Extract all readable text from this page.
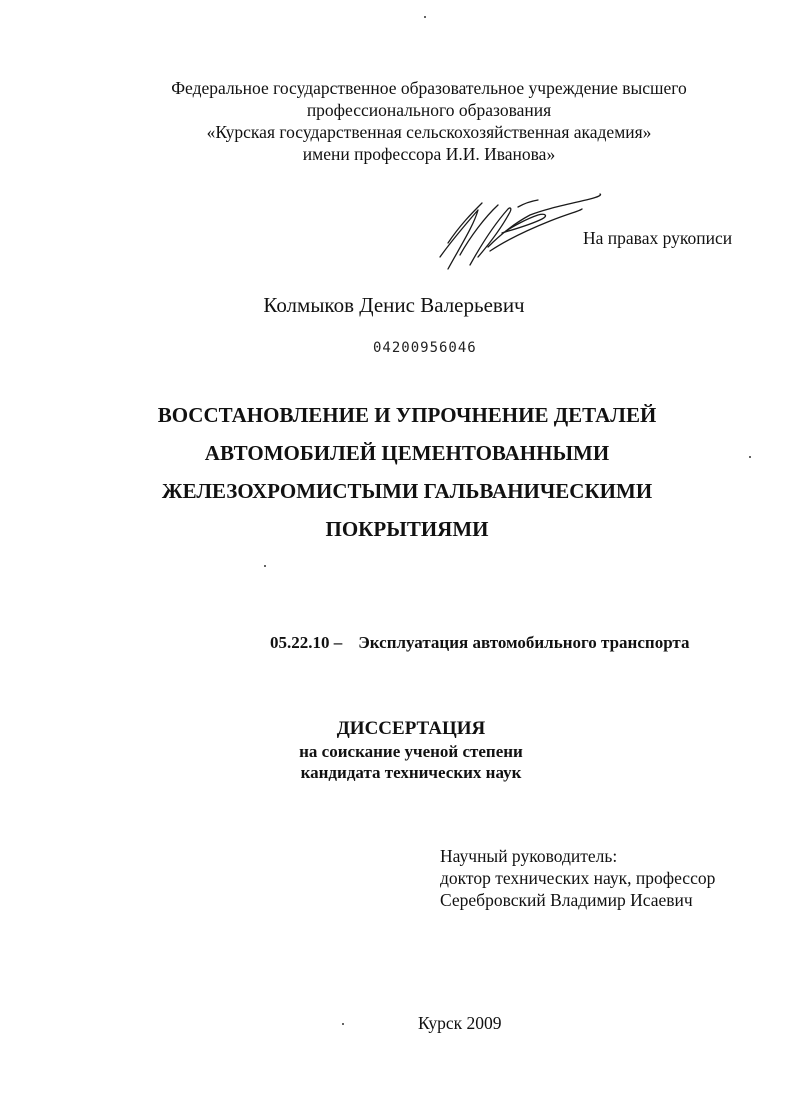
Федеральное государственное образовательное учреждение высшего
профессионального образования
«Курская государственная сельскохозяйственная академия»
имени профессора И.И. Иванова»
На правах рукописи
Колмыков Денис Валерьевич
04200956046
ВОССТАНОВЛЕНИЕ И УПРОЧНЕНИЕ ДЕТАЛЕЙ
АВТОМОБИЛЕЙ ЦЕМЕНТОВАННЫМИ
ЖЕЛЕЗОХРОМИСТЫМИ ГАЛЬВАНИЧЕСКИМИ
ПОКРЫТИЯМИ
05.22.10 – Эксплуатация автомобильного транспорта
ДИССЕРТАЦИЯ
на соискание ученой степени
кандидата технических наук
Научный руководитель:
доктор технических наук, профессор
Серебровский Владимир Исаевич
Курск 2009
